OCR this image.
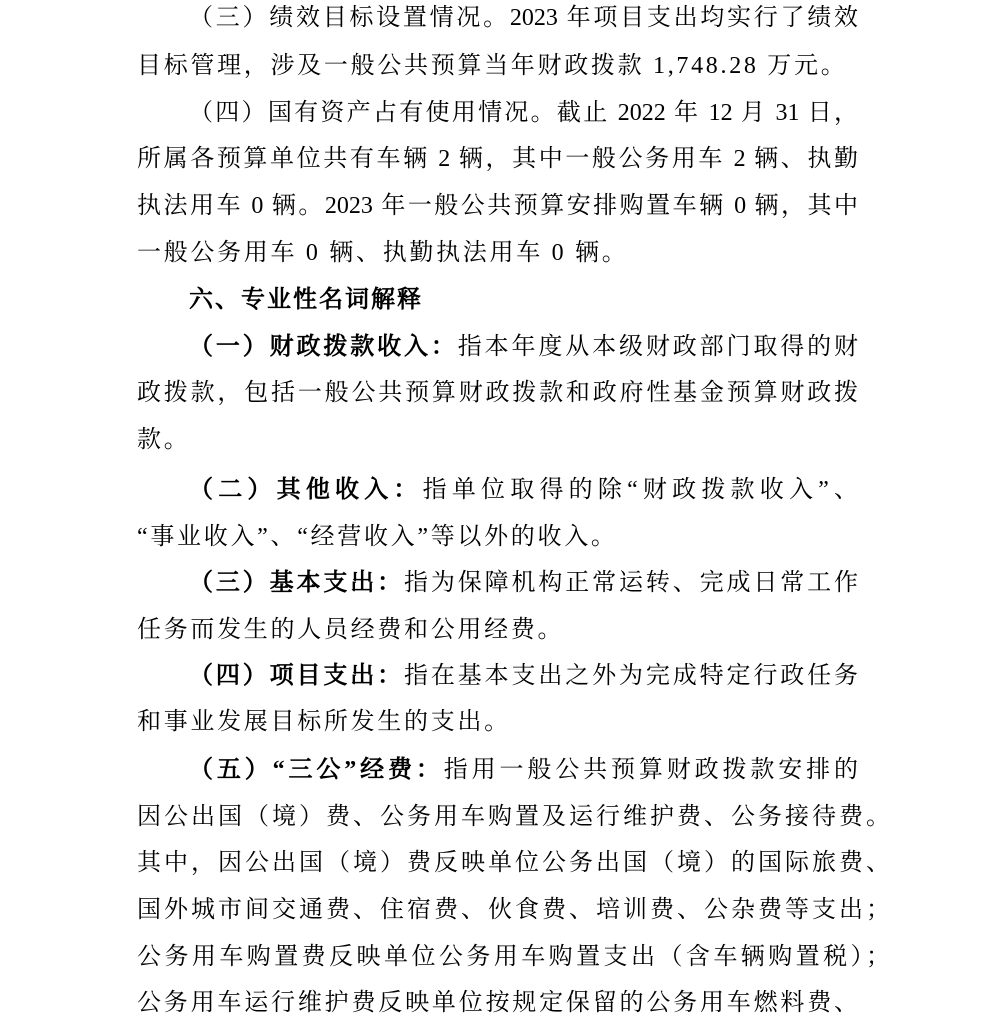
（三）绩效目标设置情况。2023 年项目支出均实行了绩效
目标管理，涉及一般公共预算当年财政拨款 1,748.28 万元。
（四）国有资产占有使用情况。截止 2022 年 12 月 31 日，
所属各预算单位共有车辆 2 辆，其中一般公务用车 2 辆、执勤
执法用车 0 辆。2023 年一般公共预算安排购置车辆 0 辆，其中
一般公务用车 0 辆、执勤执法用车 0 辆。
六、专业性名词解释
（一）财政拨款收入：指本年度从本级财政部门取得的财
政拨款，包括一般公共预算财政拨款和政府性基金预算财政拨
款。
（二）其他收入：指单位取得的除“财政拨款收入”、
“事业收入”、“经营收入”等以外的收入。
（三）基本支出：指为保障机构正常运转、完成日常工作
任务而发生的人员经费和公用经费。
（四）项目支出：指在基本支出之外为完成特定行政任务
和事业发展目标所发生的支出。
（五）“三公”经费：指用一般公共预算财政拨款安排的
因公出国（境）费、公务用车购置及运行维护费、公务接待费。
其中，因公出国（境）费反映单位公务出国（境）的国际旅费、
国外城市间交通费、住宿费、伙食费、培训费、公杂费等支出；
公务用车购置费反映单位公务用车购置支出（含车辆购置税）；
公务用车运行维护费反映单位按规定保留的公务用车燃料费、
